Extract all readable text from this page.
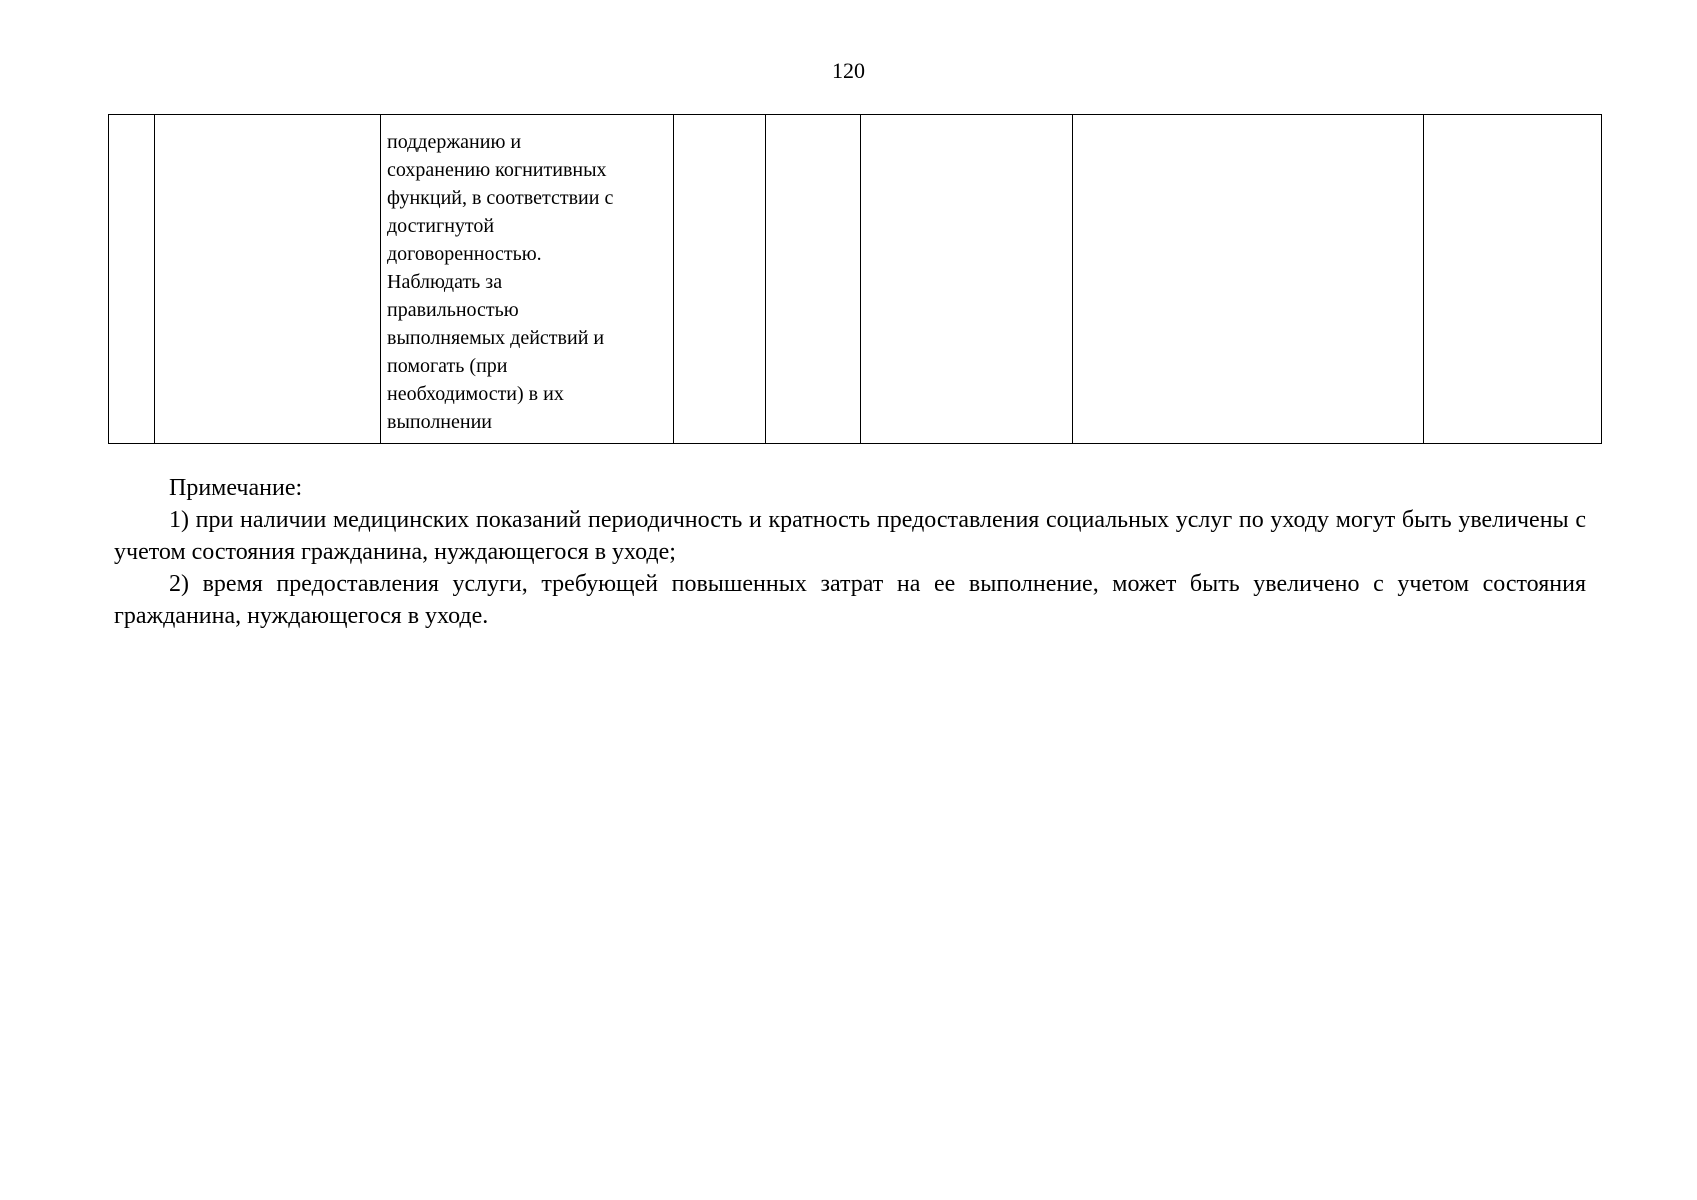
120

поддержанию и
сохранению когнитивных
функций, в соответствии с
достигнутой
договоренностью.
Наблюдать за
правильностью
выполняемых действий и
помогать (при
необходимости) в их
выполнении

Примечание:

1) при наличии медицинских показаний периодичность и кратность предоставления социальных услуг по уходу могут быть увеличены с учетом состояния гражданина, нуждающегося в уходе;

2) время предоставления услуги, требующей повышенных затрат на ее выполнение, может быть увеличено с учетом состояния гражданина, нуждающегося в уходе.
